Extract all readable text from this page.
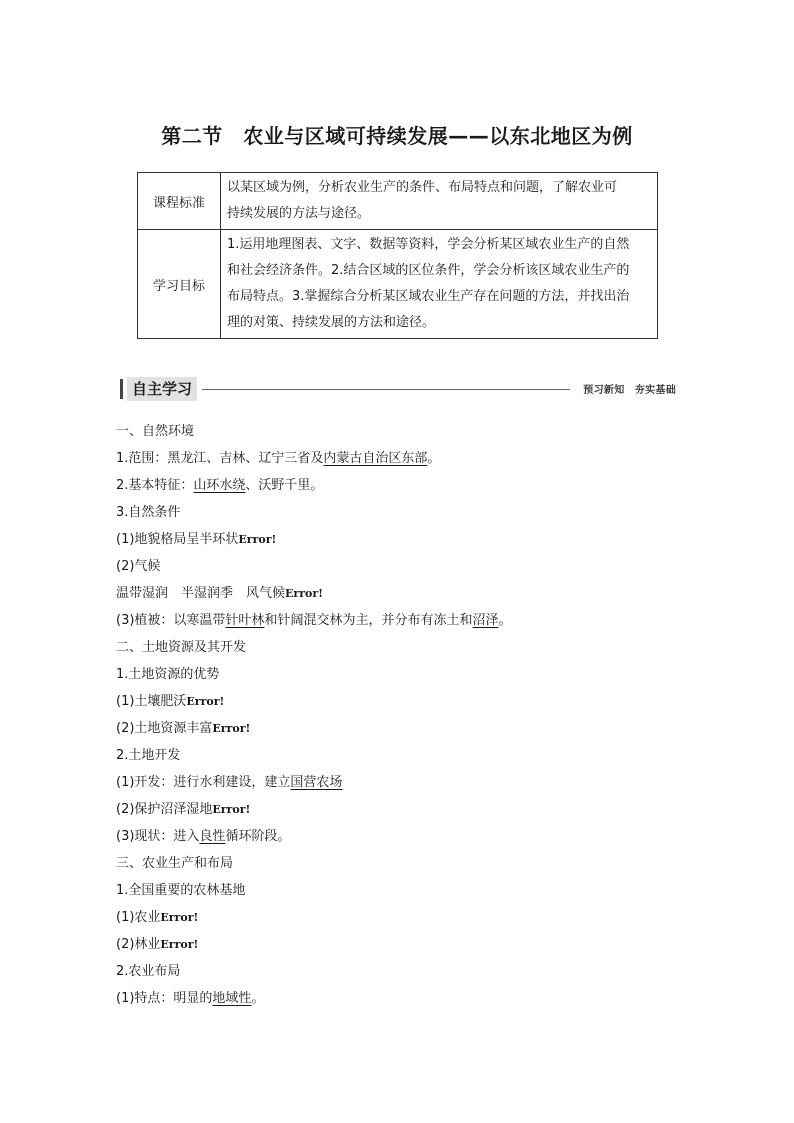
第二节　农业与区域可持续发展——以东北地区为例
课程标准	以某区域为例，分析农业生产的条件、布局特点和问题，了解农业可
持续发展的方法与途径。

学习目标	1.运用地理图表、文字、数据等资料，学会分析某区域农业生产的自然
和社会经济条件。2.结合区域的区位条件，学会分析该区域农业生产的
布局特点。3.掌握综合分析某区域农业生产存在问题的方法，并找出治
理的对策、持续发展的方法和途径。
自主学习	预习新知　夯实基础
一、自然环境
1.范围：黑龙江、吉林、辽宁三省及内蒙古自治区东部。
2.基本特征：山环水绕、沃野千里。
3.自然条件
(1)地貌格局呈半环状Error!
(2)气候
温带湿润　半湿润季　风气候Error!
(3)植被：以寒温带针叶林和针阔混交林为主，并分布有冻土和沼泽。
二、土地资源及其开发
1.土地资源的优势
(1)土壤肥沃Error!
(2)土地资源丰富Error!
2.土地开发
(1)开发：进行水利建设，建立国营农场
(2)保护沼泽湿地Error!
(3)现状：进入良性循环阶段。
三、农业生产和布局
1.全国重要的农林基地
(1)农业Error!
(2)林业Error!
2.农业布局
(1)特点：明显的地域性。
